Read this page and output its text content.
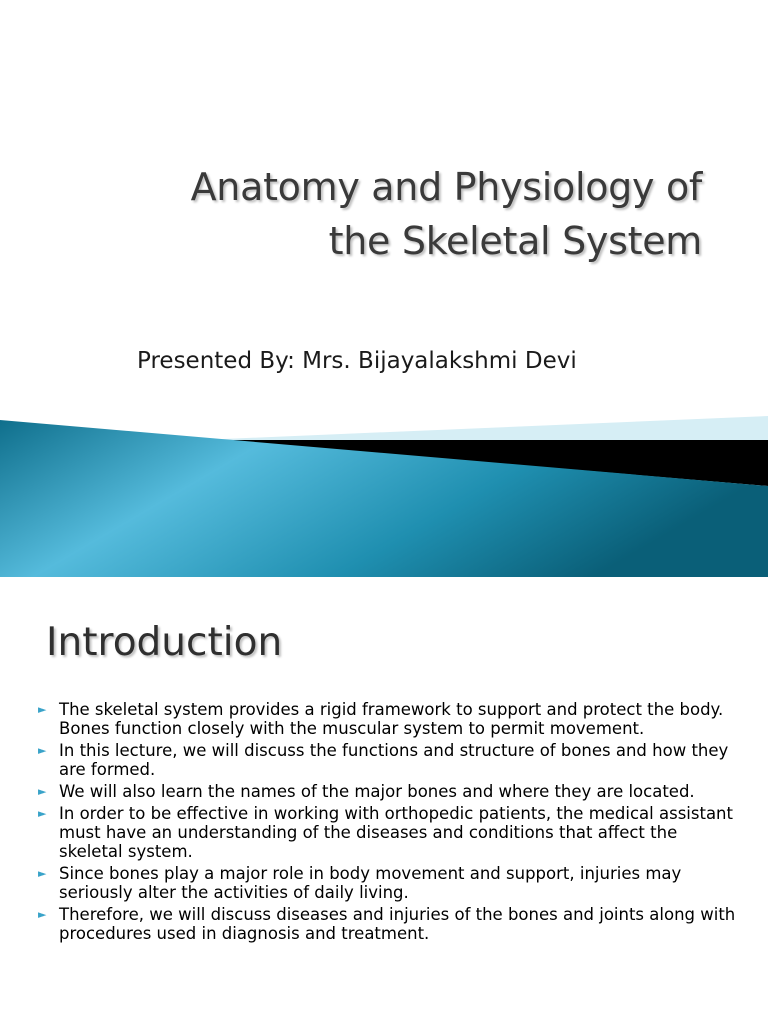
Anatomy and Physiology of
the Skeletal System

Presented By: Mrs. Bijayalakshmi Devi

Introduction
► The skeletal system provides a rigid framework to support and protect the body. Bones function closely with the muscular system to permit movement.
► In this lecture, we will discuss the functions and structure of bones and how they are formed.
► We will also learn the names of the major bones and where they are located.
► In order to be effective in working with orthopedic patients, the medical assistant must have an understanding of the diseases and conditions that affect the skeletal system.
► Since bones play a major role in body movement and support, injuries may seriously alter the activities of daily living.
► Therefore, we will discuss diseases and injuries of the bones and joints along with procedures used in diagnosis and treatment.
